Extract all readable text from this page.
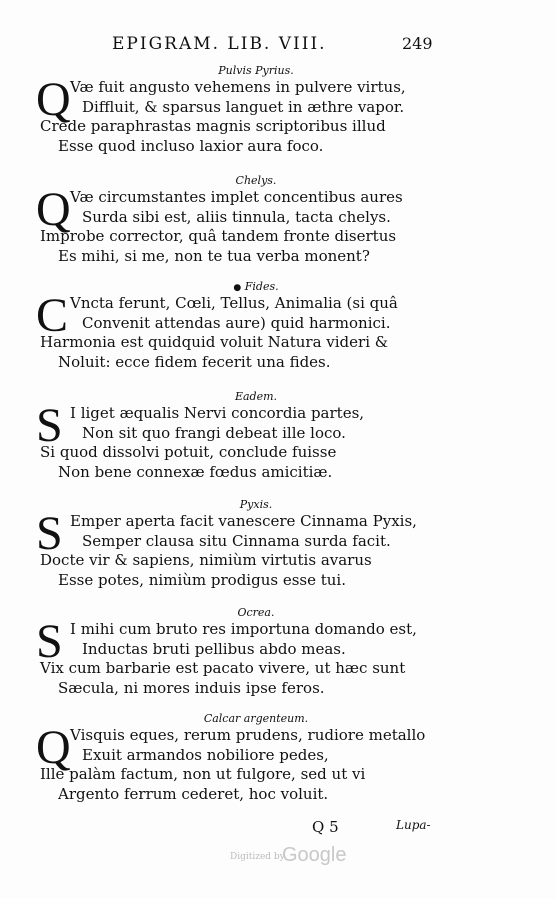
EPIGRAM. LIB. VIII.	249
Pulvis Pyrius.
Q Væ fuit angusto vehemens in pulvere virtus,
Diffluit, & sparsus languet in æthre vapor.
Crede paraphrastas magnis scriptoribus illud
Esse quod incluso laxior aura foco.
Chelys.
Q Væ circumstantes implet concentibus aures
Surda sibi est, aliis tinnula, tacta chelys.
Improbe corrector, quâ tandem fronte disertus
Es mihi, si me, non te tua verba monent?
● Fides.
C Vncta ferunt, Cœli, Tellus, Animalia (si quâ
Convenit attendas aure) quid harmonici.
Harmonia est quidquid voluit Natura videri &
Noluit: ecce fidem fecerit una fides.
Eadem.
S I liget æqualis Nervi concordia partes,
Non sit quo frangi debeat ille loco.
Si quod dissolvi potuit, conclude fuisse
Non bene connexæ fœdus amicitiæ.
Pyxis.
S Emper aperta facit vanescere Cinnama Pyxis,
Semper clausa situ Cinnama surda facit.
Docte vir & sapiens, nimiùm virtutis avarus
Esse potes, nimiùm prodigus esse tui.
Ocrea.
S I mihi cum bruto res importuna domando est,
Inductas bruti pellibus abdo meas.
Vix cum barbarie est pacato vivere, ut hæc sunt
Sæcula, ni mores induis ipse feros.
Calcar argenteum.
Q Visquis eques, rerum prudens, rudiore metallo
Exuit armandos nobiliore pedes,
Ille palàm factum, non ut fulgore, sed ut vi
Argento ferrum cederet, hoc voluit.
Q 5	Lupa-
Digitized by
Google
